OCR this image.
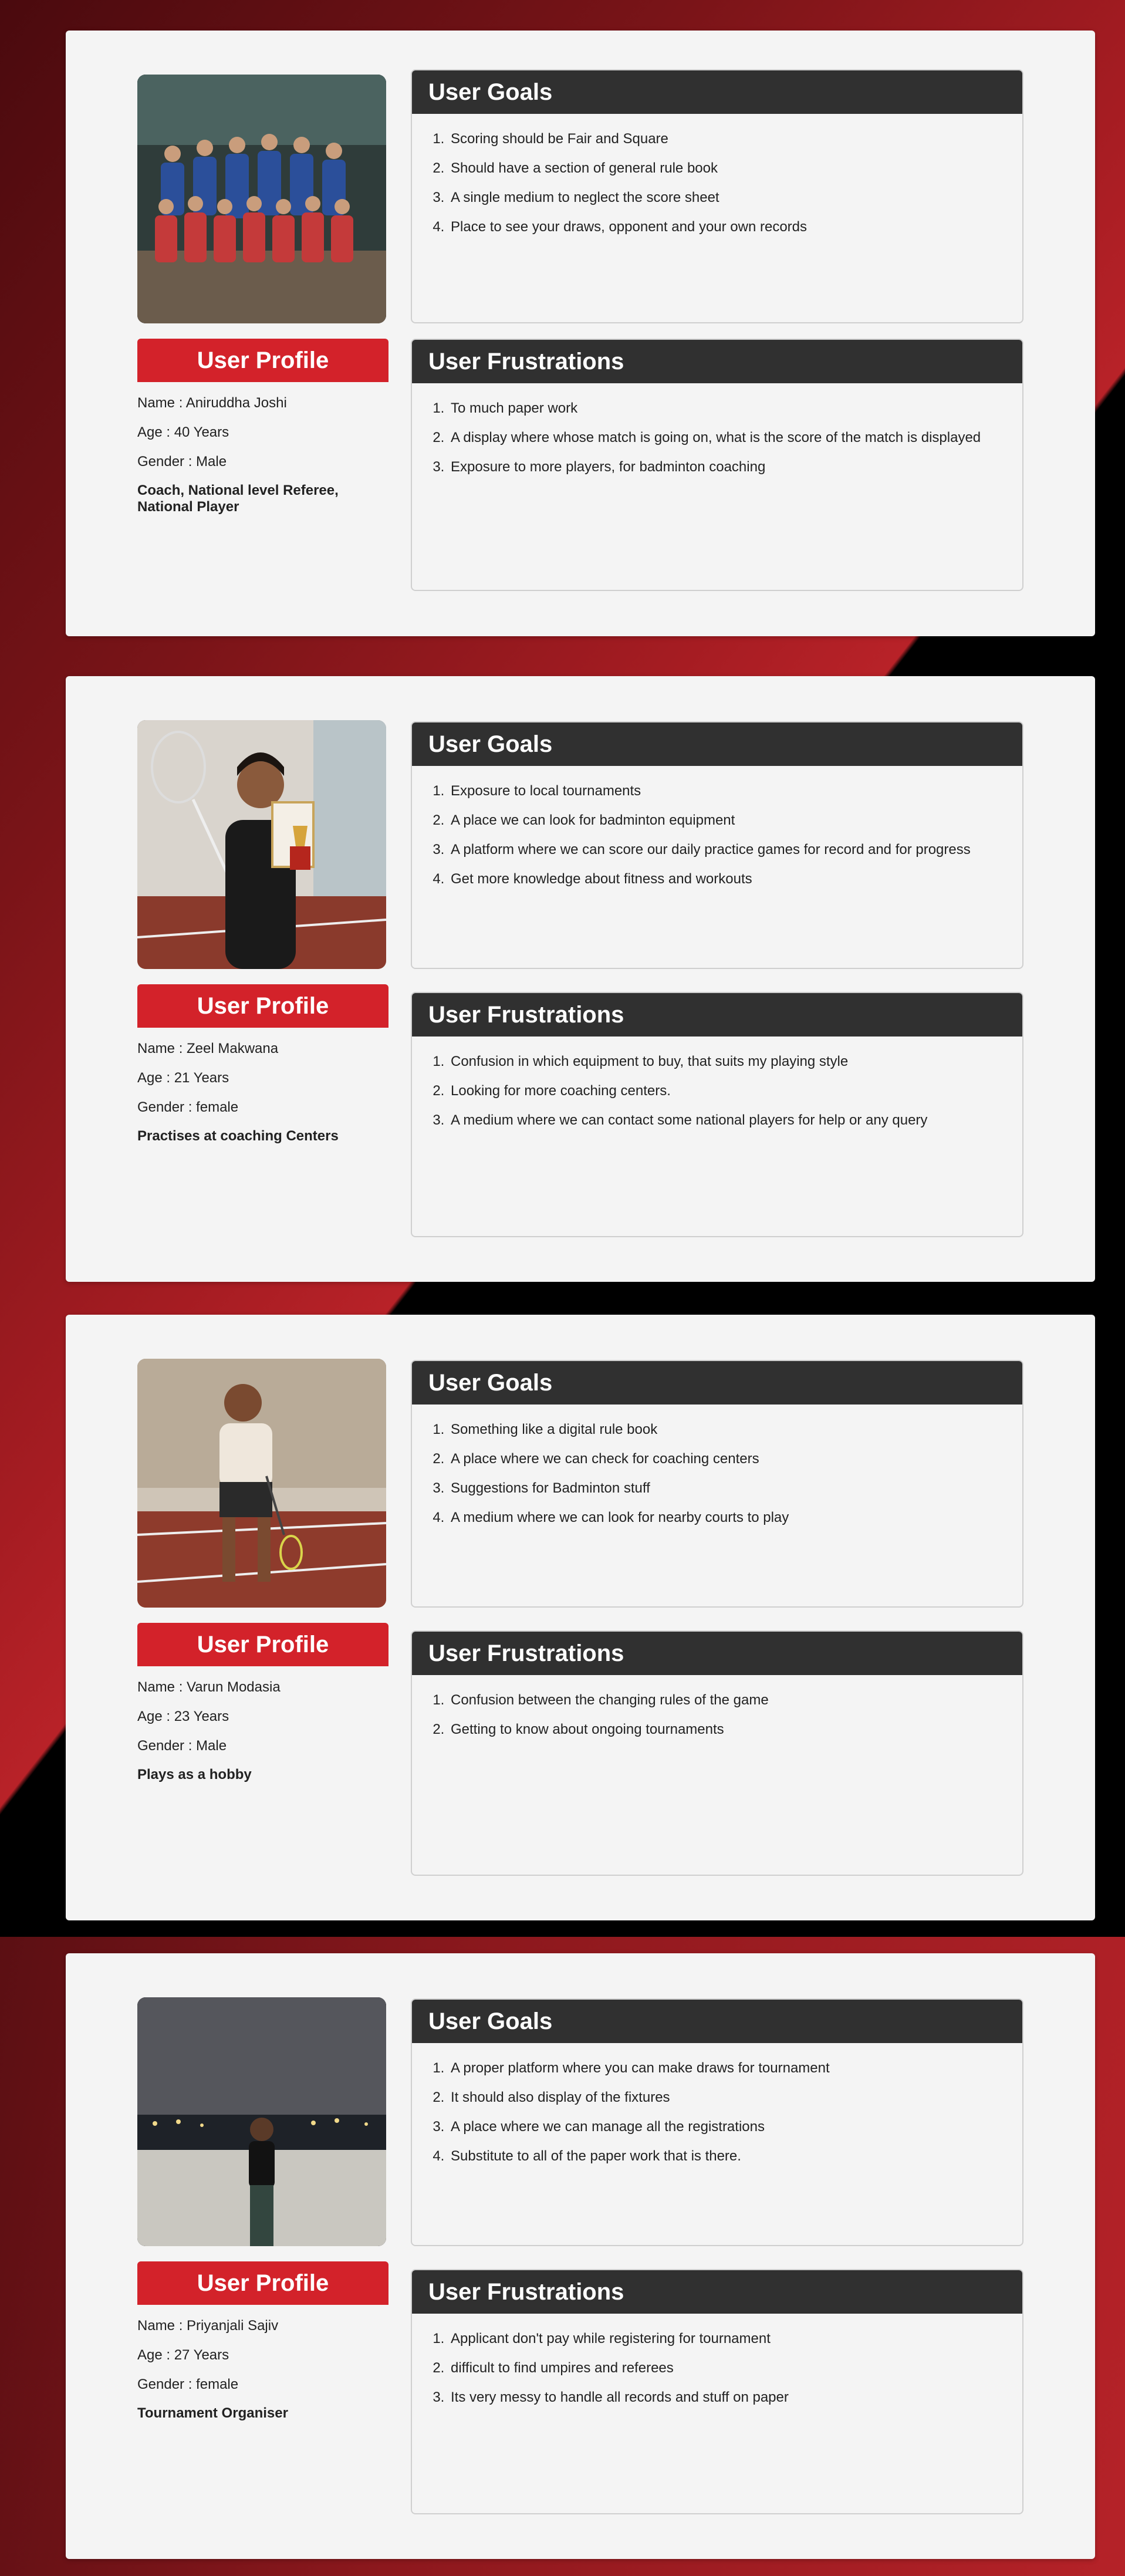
User Profile
Name : Aniruddha Joshi
Age : 40 Years
Gender : Male
Coach, National level Referee, National Player
User Goals
1. Scoring should be Fair and Square
2. Should have a section of general rule book
3. A single medium to neglect the score sheet
4. Place to see your draws, opponent and your own records
User Frustrations
1. To much paper work
2. A display where whose match is going on, what is the score of the match is displayed
3. Exposure to more players, for badminton coaching
User Profile
Name : Zeel Makwana
Age : 21 Years
Gender : female
Practises at coaching Centers
User Goals
1. Exposure to local tournaments
2. A place we can look for badminton equipment
3. A platform where we can score our daily practice games for record and for progress
4. Get more knowledge about fitness and workouts
User Frustrations
1. Confusion in which equipment to buy, that suits my playing style
2. Looking for more coaching centers.
3. A medium where we can contact some national players for help or any query
User Profile
Name : Varun Modasia
Age : 23 Years
Gender : Male
Plays as a hobby
User Goals
1. Something like a digital rule book
2. A place where we can check for coaching centers
3. Suggestions for Badminton stuff
4. A medium where we can look for nearby courts to play
User Frustrations
1. Confusion between the changing rules of the game
2. Getting to know about ongoing tournaments
User Profile
Name : Priyanjali Sajiv
Age : 27 Years
Gender : female
Tournament Organiser
User Goals
1. A proper platform where you can make draws for tournament
2. It should also display of the fixtures
3. A place where we can manage all the registrations
4. Substitute to all of the paper work that is there.
User Frustrations
1. Applicant don't pay while registering for tournament
2. difficult to find umpires and referees
3. Its very messy to handle all records and stuff on paper
